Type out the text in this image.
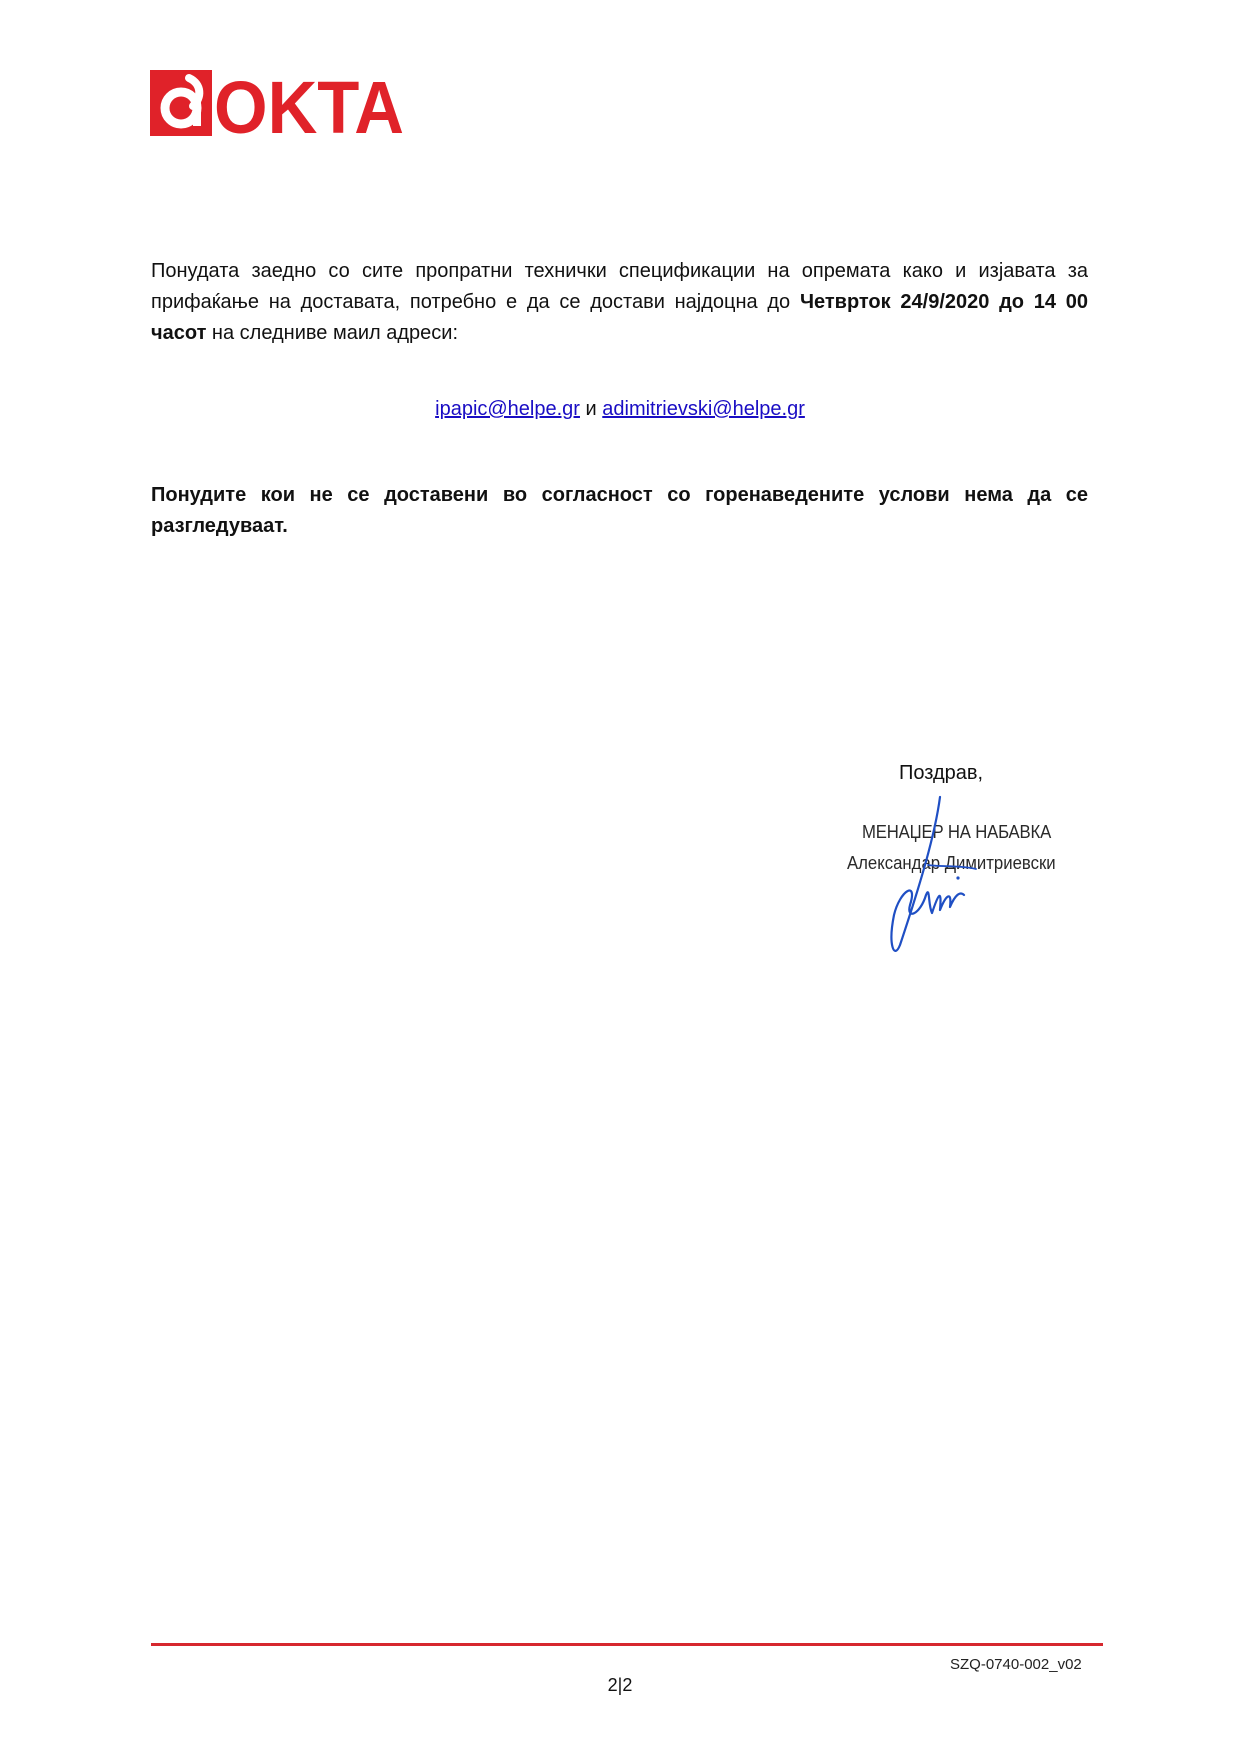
OKTA

Понудата заедно со сите пропратни технички спецификации на опремата како и изјавата за прифаќање на доставата, потребно е да се достави најдоцна до Четврток 24/9/2020 до 14 00 часот на следниве маил адреси:

ipapic@helpe.gr и adimitrievski@helpe.gr

Понудите кои не се доставени во согласност со горенаведените услови нема да се разгледуваат.

Поздрав,
МЕНАЏЕР НА НАБАВКА
Александар Димитриевски
SZQ-0740-002_v02
2|2
